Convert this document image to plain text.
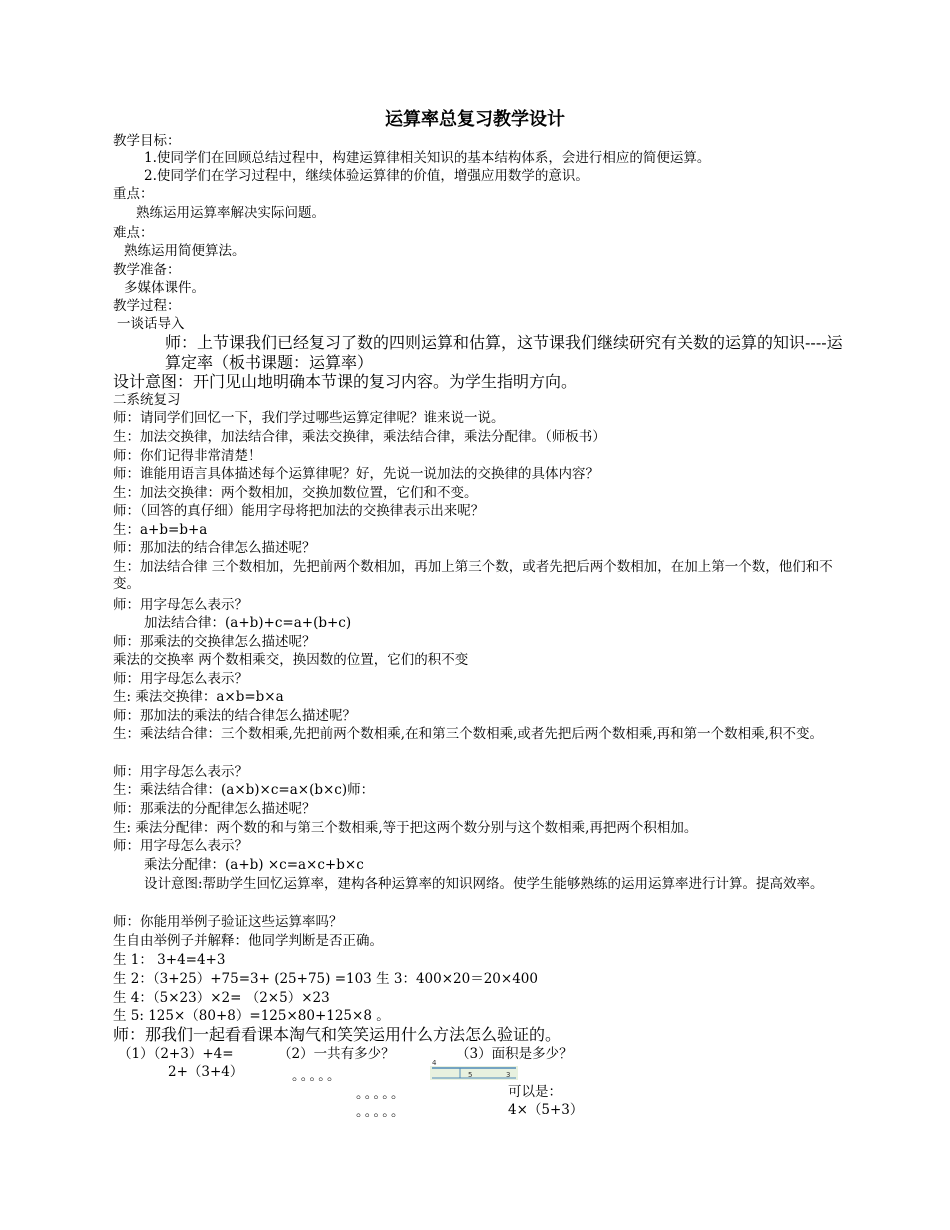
运算率总复习教学设计
教学目标：
1.使同学们在回顾总结过程中，构建运算律相关知识的基本结构体系，会进行相应的简便运算。
2.使同学们在学习过程中，继续体验运算律的价值，增强应用数学的意识。
重点：
熟练运用运算率解决实际问题。
难点：
熟练运用简便算法。
教学准备：
多媒体课件。
教学过程：
一谈话导入
师：上节课我们已经复习了数的四则运算和估算，这节课我们继续研究有关数的运算的知识----运算定率（板书课题：运算率）
设计意图：开门见山地明确本节课的复习内容。为学生指明方向。
二系统复习
师：请同学们回忆一下，我们学过哪些运算定律呢？谁来说一说。
生：加法交换律，加法结合律，乘法交换律，乘法结合律，乘法分配律。（师板书）
师：你们记得非常清楚！
师：谁能用语言具体描述每个运算律呢？好，先说一说加法的交换律的具体内容？
生：加法交换律：两个数相加，交换加数位置，它们和不变。
师：（回答的真仔细）能用字母将把加法的交换律表示出来呢？
生：a+b=b+a
师：那加法的结合律怎么描述呢？
生：加法结合律 三个数相加，先把前两个数相加，再加上第三个数，或者先把后两个数相加，在加上第一个数，他们和不变。
师：用字母怎么表示？
加法结合律：(a+b)+c=a+(b+c)
师：那乘法的交换律怎么描述呢？
乘法的交换率 两个数相乘交，换因数的位置，它们的积不变
师：用字母怎么表示？
生: 乘法交换律：a×b=b×a
师：那加法的乘法的结合律怎么描述呢？
生：乘法结合律：三个数相乘,先把前两个数相乘,在和第三个数相乘,或者先把后两个数相乘,再和第一个数相乘,积不变。
师：用字母怎么表示？
生：乘法结合律：(a×b)×c=a×(b×c)师：
师：那乘法的分配律怎么描述呢？
生: 乘法分配律：两个数的和与第三个数相乘,等于把这两个数分别与这个数相乘,再把两个积相加。
师：用字母怎么表示？
乘法分配律：(a+b) ×c=a×c+b×c
设计意图:帮助学生回忆运算率，建构各种运算率的知识网络。使学生能够熟练的运用运算率进行计算。提高效率。
师：你能用举例子验证这些运算率吗？
生自由举例子并解释：他同学判断是否正确。
生 1： 3+4=4+3
生 2：（3+25）+75=3+ (25+75) =103 生 3：400×20＝20×400
生 4：（5×23）×2= （2×5）×23
生 5: 125×（80+8）=125×80+125×8 。
师：那我们一起看看课本淘气和笑笑运用什么方法怎么验证的。
（1）（2+3）+4=
2+（3+4）
（2）一共有多少？
。。。。。
。。。。。
。。。。。
（3）面积是多少？
4
5	3
可以是：
4×（5+3）
